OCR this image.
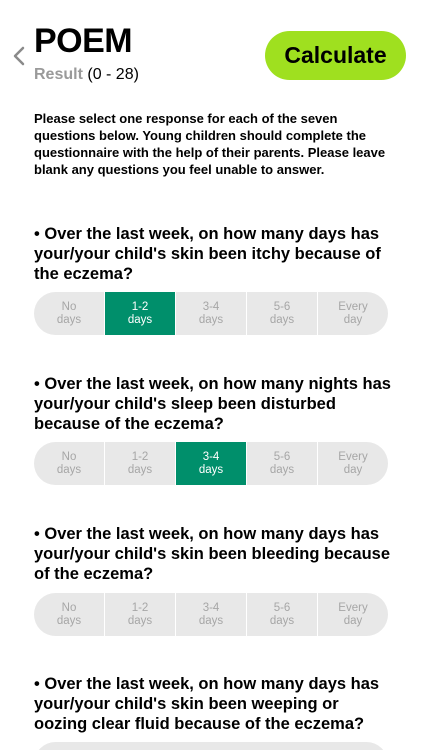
POEM
Result (0 - 28)
Calculate
Please select one response for each of the seven questions below. Young children should complete the questionnaire with the help of their parents. Please leave blank any questions you feel unable to answer.
• Over the last week, on how many days has your/your child's skin been itchy because of the eczema?
No
days
1-2
days
3-4
days
5-6
days
Every
day
• Over the last week, on how many nights has your/your child's sleep been disturbed because of the eczema?
No
days
1-2
days
3-4
days
5-6
days
Every
day
• Over the last week, on how many days has your/your child's skin been bleeding because of the eczema?
No
days
1-2
days
3-4
days
5-6
days
Every
day
• Over the last week, on how many days has your/your child's skin been weeping or oozing clear fluid because of the eczema?
